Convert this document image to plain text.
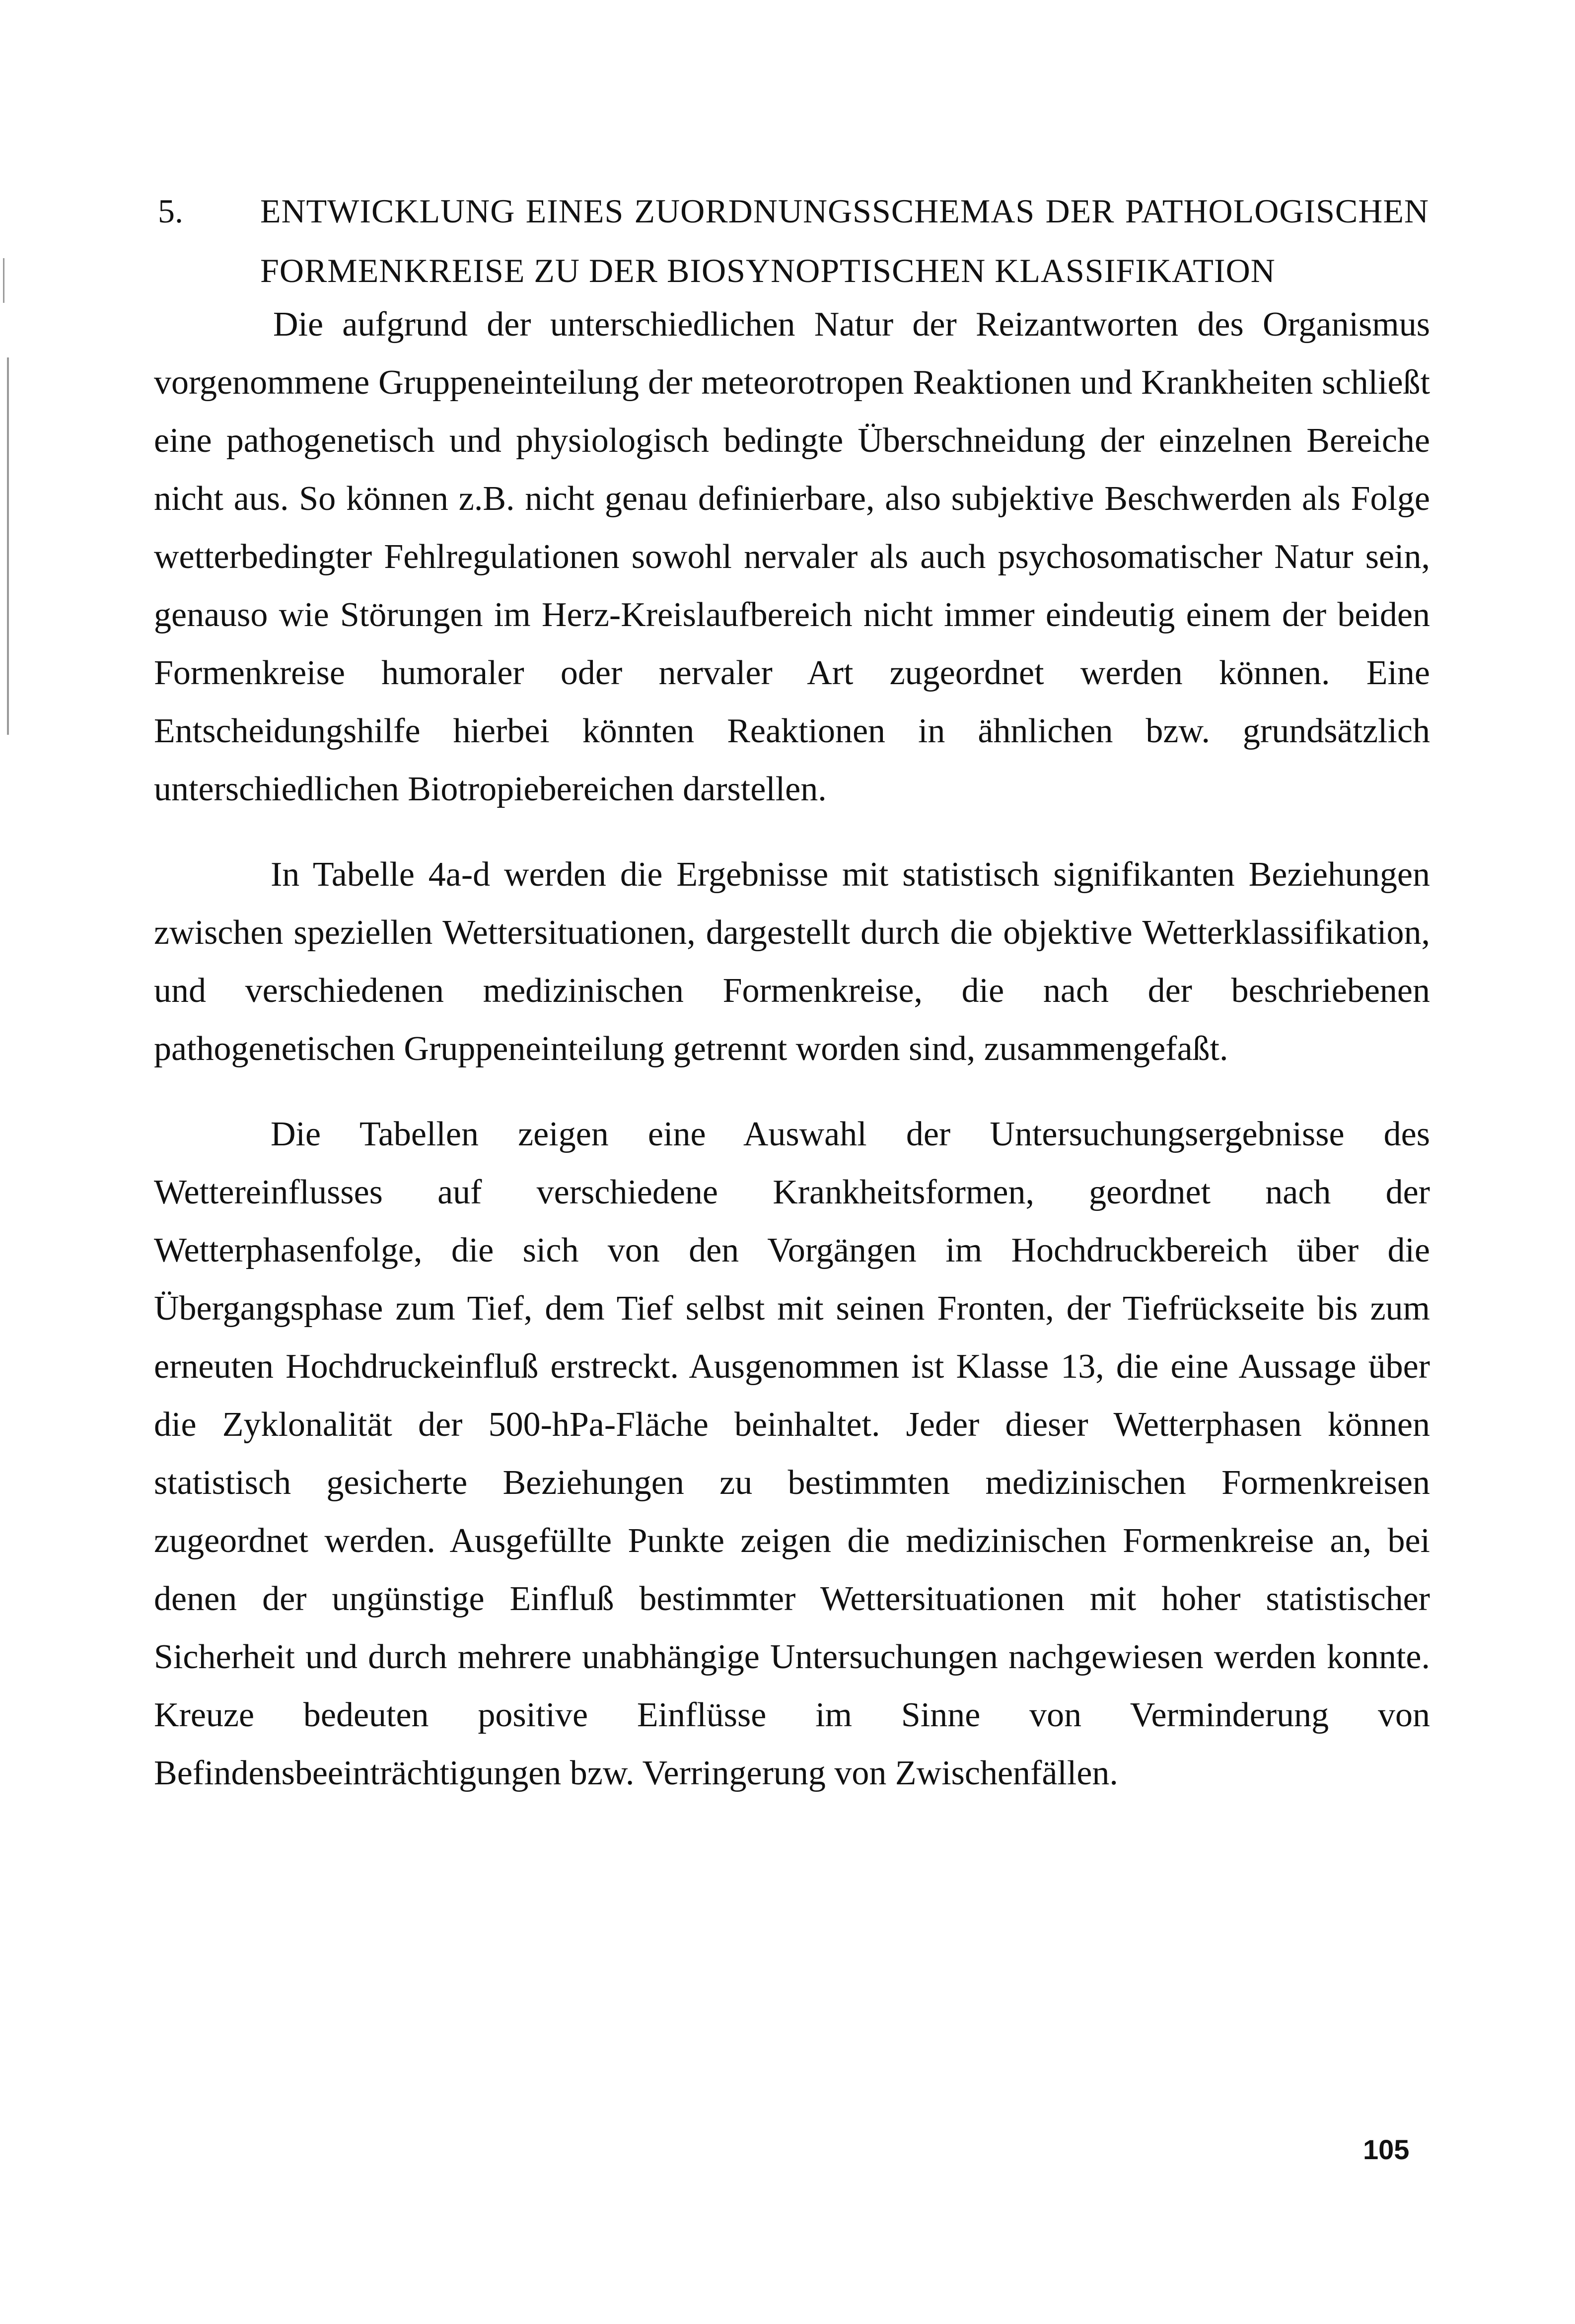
5. ENTWICKLUNG EINES ZUORDNUNGSSCHEMAS DER PATHOLOGISCHEN FORMENKREISE ZU DER BIOSYNOPTISCHEN KLASSIFIKATION

Die aufgrund der unterschiedlichen Natur der Reizantworten des Organismus vorgenommene Gruppeneinteilung der meteorotropen Reaktionen und Krankheiten schließt eine pathogenetisch und physiologisch bedingte Überschneidung der einzelnen Bereiche nicht aus. So können z.B. nicht genau definierbare, also subjektive Beschwerden als Folge wetterbedingter Fehlregulationen sowohl nervaler als auch psychosomatischer Natur sein, genauso wie Störungen im Herz-Kreislaufbereich nicht immer eindeutig einem der beiden Formenkreise humoraler oder nervaler Art zugeordnet werden können. Eine Entscheidungshilfe hierbei könnten Reaktionen in ähnlichen bzw. grundsätzlich unterschiedlichen Biotropiebereichen darstellen.

In Tabelle 4a-d werden die Ergebnisse mit statistisch signifikanten Beziehungen zwischen speziellen Wettersituationen, dargestellt durch die objektive Wetterklassifikation, und verschiedenen medizinischen Formenkreise, die nach der beschriebenen pathogenetischen Gruppeneinteilung getrennt worden sind, zusammengefaßt.

Die Tabellen zeigen eine Auswahl der Untersuchungsergebnisse des Wettereinflusses auf verschiedene Krankheitsformen, geordnet nach der Wetterphasenfolge, die sich von den Vorgängen im Hochdruckbereich über die Übergangsphase zum Tief, dem Tief selbst mit seinen Fronten, der Tiefrückseite bis zum erneuten Hochdruckeinfluß erstreckt. Ausgenommen ist Klasse 13, die eine Aussage über die Zyklonalität der 500-hPa-Fläche beinhaltet. Jeder dieser Wetterphasen können statistisch gesicherte Beziehungen zu bestimmten medizinischen Formenkreisen zugeordnet werden. Ausgefüllte Punkte zeigen die medizinischen Formenkreise an, bei denen der ungünstige Einfluß bestimmter Wettersituationen mit hoher statistischer Sicherheit und durch mehrere unabhängige Untersuchungen nachgewiesen werden konnte. Kreuze bedeuten positive Einflüsse im Sinne von Verminderung von Befindensbeeinträchtigungen bzw. Verringerung von Zwischenfällen.

105
